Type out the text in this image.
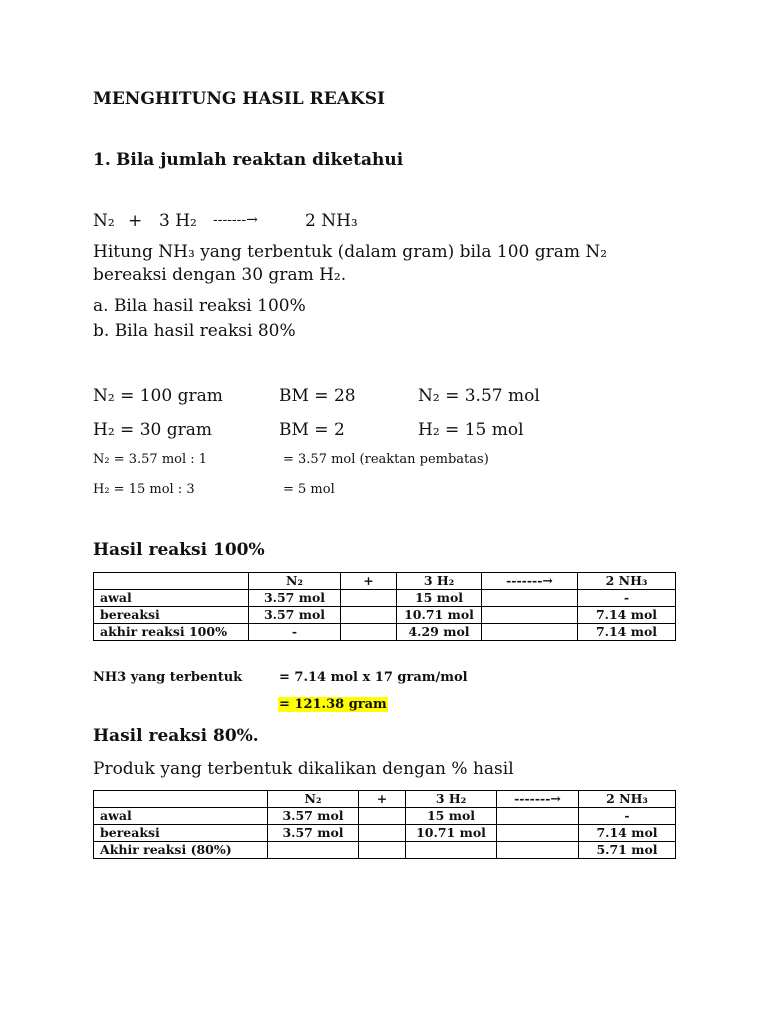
MENGHITUNG HASIL REAKSI
1. Bila jumlah reaktan diketahui
N₂ + 3 H₂ -------→	2 NH₃
Hitung NH₃ yang terbentuk (dalam gram) bila 100 gram N₂
bereaksi dengan 30 gram H₂.
a. Bila hasil reaksi 100%
b. Bila hasil reaksi 80%
N₂ = 100 gram	BM = 28	N₂ = 3.57 mol
H₂ = 30 gram	BM = 2	H₂ = 15 mol
N₂ = 3.57 mol : 1	= 3.57 mol (reaktan pembatas)
H₂ = 15 mol : 3	= 5 mol
Hasil reaksi 100%
	N₂	+	3 H₂	-------→	2 NH₃
awal	3.57 mol		15 mol		-
bereaksi	3.57 mol		10.71 mol		7.14 mol
akhir reaksi 100%	-		4.29 mol		7.14 mol
NH3 yang terbentuk	= 7.14 mol x 17 gram/mol
= 121.38 gram
Hasil reaksi 80%.
Produk yang terbentuk dikalikan dengan % hasil
	N₂	+	3 H₂	-------→	2 NH₃
awal	3.57 mol		15 mol		-
bereaksi	3.57 mol		10.71 mol		7.14 mol
Akhir reaksi (80%)					5.71 mol
